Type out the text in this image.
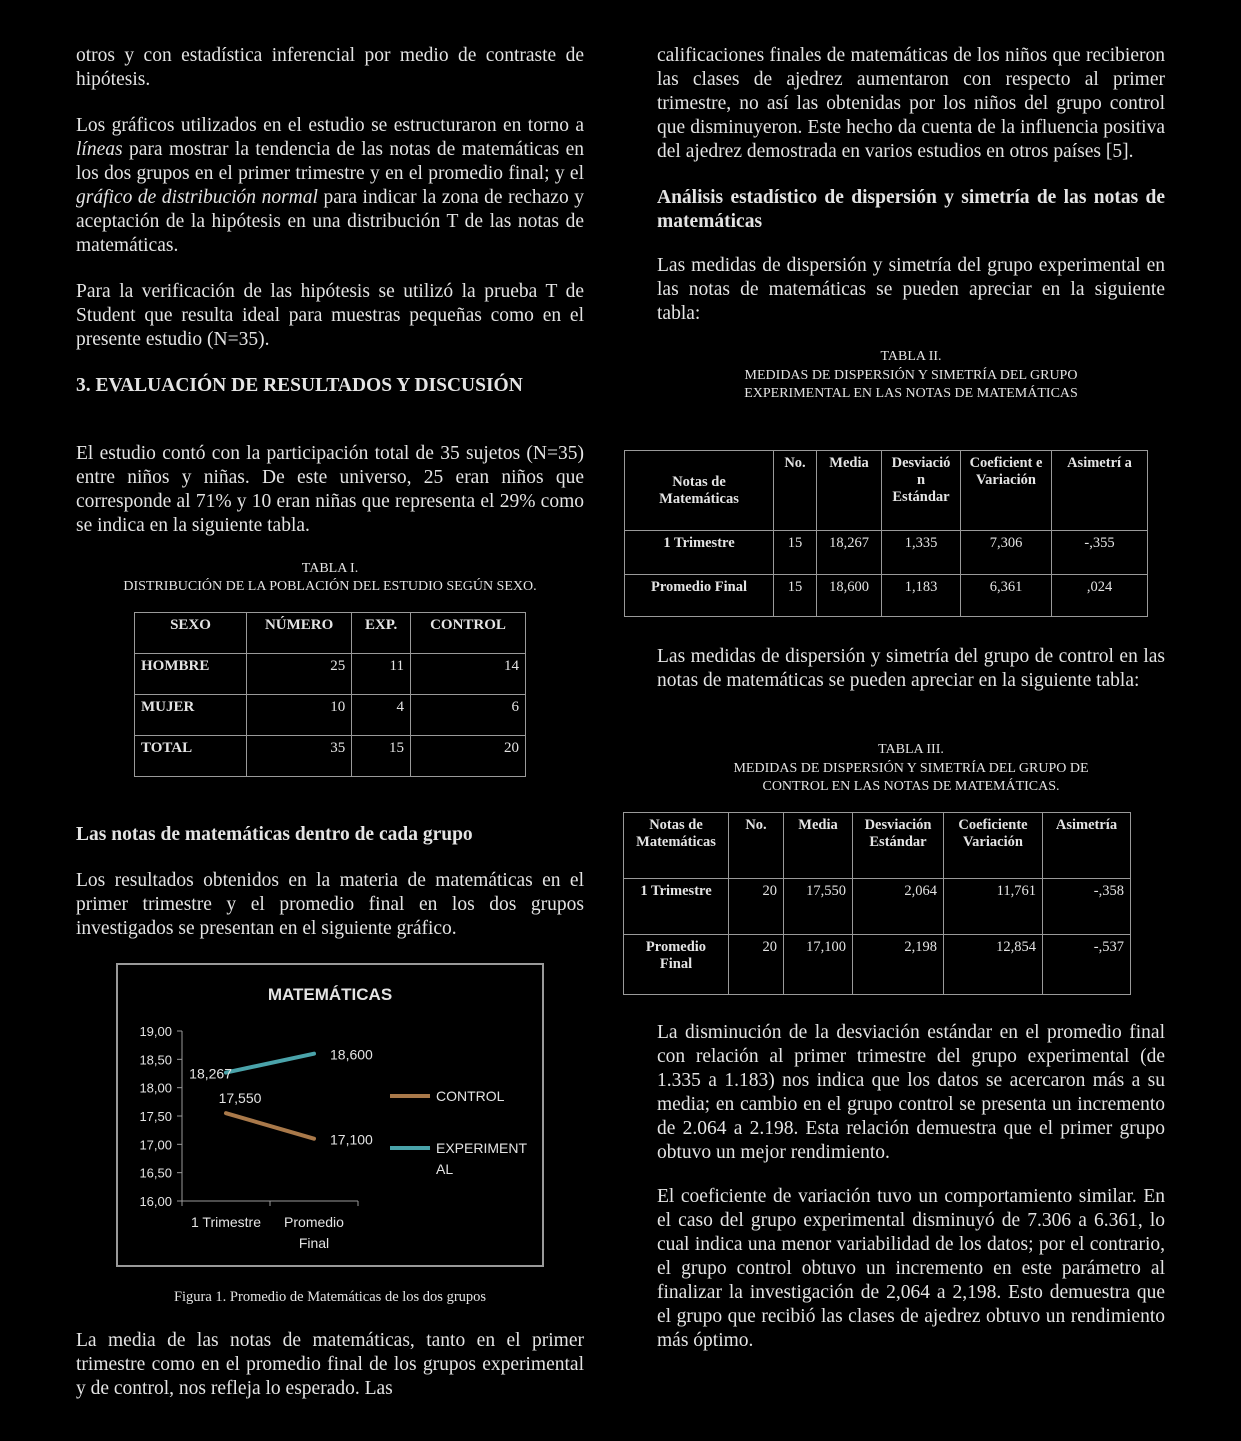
otros y con estadística inferencial por medio de contraste de hipótesis.

Los gráficos utilizados en el estudio se estructuraron en torno a líneas para mostrar la tendencia de las notas de matemáticas en los dos grupos en el primer trimestre y en el promedio final; y el gráfico de distribución normal para indicar la zona de rechazo y aceptación de la hipótesis en una distribución T de las notas de matemáticas.

Para la verificación de las hipótesis se utilizó la prueba T de Student que resulta ideal para muestras pequeñas como en el presente estudio (N=35).

3. EVALUACIÓN DE RESULTADOS Y DISCUSIÓN

El estudio contó con la participación total de 35 sujetos (N=35) entre niños y niñas. De este universo, 25 eran niños que corresponde al 71% y 10 eran niñas que representa el 29% como se indica en la siguiente tabla.

TABLA I.
DISTRIBUCIÓN DE LA POBLACIÓN DEL ESTUDIO SEGÚN SEXO.
SEXO	NÚMERO	EXP.	CONTROL
HOMBRE	25	11	14
MUJER	10	4	6
TOTAL	35	15	20
Las notas de matemáticas dentro de cada grupo

Los resultados obtenidos en la materia de matemáticas en el primer trimestre y el promedio final en los dos grupos investigados se presentan en el siguiente gráfico.

MATEMÁTICAS
16,00
16,50
17,00
17,50
18,00
18,50
19,00
1 Trimestre Promedio
Final
17,550
17,100
18,267
18,600
CONTROL
EXPERIMENT
AL
Figura 1. Promedio de Matemáticas de los dos grupos

La media de las notas de matemáticas, tanto en el primer trimestre como en el promedio final de los grupos experimental y de control, nos refleja lo esperado. Las

calificaciones finales de matemáticas de los niños que recibieron las clases de ajedrez aumentaron con respecto al primer trimestre, no así las obtenidas por los niños del grupo control que disminuyeron. Este hecho da cuenta de la influencia positiva del ajedrez demostrada en varios estudios en otros países [5].

Análisis estadístico de dispersión y simetría de las notas de matemáticas

Las medidas de dispersión y simetría del grupo experimental en las notas de matemáticas se pueden apreciar en la siguiente tabla:

TABLA II.
MEDIDAS DE DISPERSIÓN Y SIMETRÍA DEL GRUPO
EXPERIMENTAL EN LAS NOTAS DE MATEMÁTICAS
Notas de Matemáticas	No.	Media	Desviació n Estándar	Coeficient e Variación	Asimetrí a
1 Trimestre	15	18,267	1,335	7,306	-,355
Promedio Final	15	18,600	1,183	6,361	,024

Las medidas de dispersión y simetría del grupo de control en las notas de matemáticas se pueden apreciar en la siguiente tabla:

TABLA III.
MEDIDAS DE DISPERSIÓN Y SIMETRÍA DEL GRUPO DE
CONTROL EN LAS NOTAS DE MATEMÁTICAS.
Notas de Matemáticas	No.	Media	Desviación Estándar	Coeficiente Variación	Asimetría
1 Trimestre	20	17,550	2,064	11,761	-,358
Promedio Final	20	17,100	2,198	12,854	-,537

La disminución de la desviación estándar en el promedio final con relación al primer trimestre del grupo experimental (de 1.335 a 1.183) nos indica que los datos se acercaron más a su media; en cambio en el grupo control se presenta un incremento de 2.064 a 2.198. Esta relación demuestra que el primer grupo obtuvo un mejor rendimiento.

El coeficiente de variación tuvo un comportamiento similar. En el caso del grupo experimental disminuyó de 7.306 a 6.361, lo cual indica una menor variabilidad de los datos; por el contrario, el grupo control obtuvo un incremento en este parámetro al finalizar la investigación de 2,064 a 2,198. Esto demuestra que el grupo que recibió las clases de ajedrez obtuvo un rendimiento más óptimo.
